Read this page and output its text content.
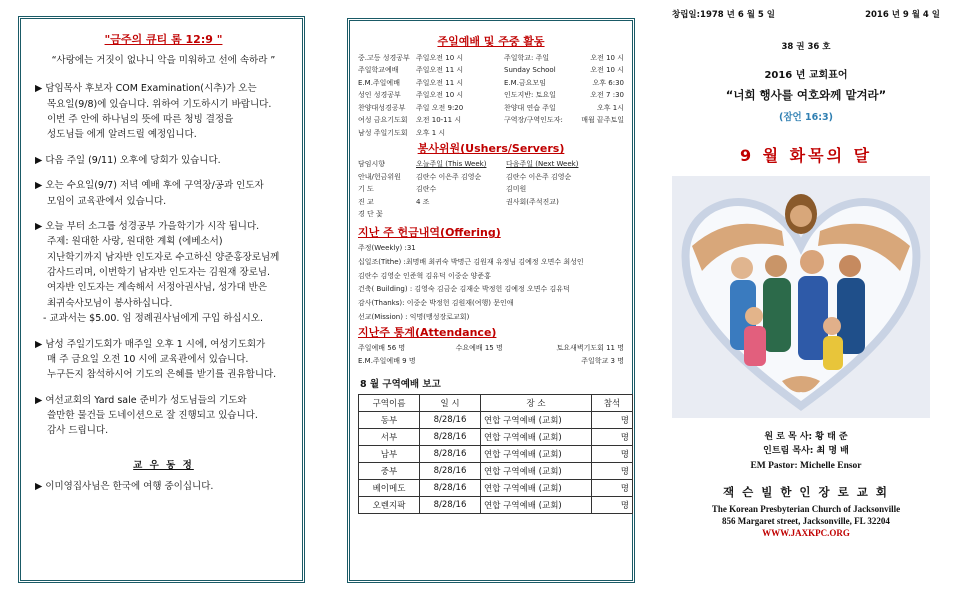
"금주의 큐티 롬 12:9 "
“사랑에는 거짓이 없나니 악을 미워하고 선에 속하라 ”
▶ 담임목사 후보자 COM Examination(시추)가 오는
목요일(9/8)에 있습니다. 위하여 기도하시기 바랍니다.
이번 주 안에 하나님의 뜻에 따른 청빙 결정을
성도님들 에게 알려드릴 예정입니다.
▶ 다음 주일 (9/11) 오후에 당회가 있습니다.
▶ 오는 수요일(9/7) 저녁 예배 후에 구역장/공과 인도자
모임이 교육관에서 있습니다.
▶ 오늘 부터 소그룹 성경공부 가을학기가 시작 됩니다.
주제: 원대한 사랑, 원대한 계획 (에베소서)
지난학기까지 남자반 인도자로 수고하신 양준홍장로님께
감사드리며, 이번학기 남자반 인도자는 김원재 장로님.
여자반 인도자는 계속해서 서정아권사님, 성가대 반은
최귀숙사모님이 봉사하십니다.
- 교과서는 $5.00. 임 정례권사님에게 구입 하십시오.
▶ 남성 주일기도회가 매주일 오후 1 시에, 여성기도회가
매 주 금요일 오전 10 시에 교육관에서 있습니다.
누구든지 참석하시어 기도의 은혜를 받기를 권유합니다.
▶ 여선교회의 Yard sale 준비가 성도님들의 기도와
쓸만한 물건들 도네이션으로 잘 진행되고 있습니다.
감사 드립니다.
교 우 동 정
▶ 이미영집사님은 한국에 여행 중이십니다.
주일예배 및 주중 활동
중.고등 성경공부 주일오전 10 시	주일학교: 주일	오전 10 시
주일학교예배	주일오전 11 시	Sunday School	오전 10 시
E.M.주일예배	주일오전 11 시	E.M.금요모임	오후 6:30
성인 성경공부	주일오전 10 시	인도지반: 토요일	오전 7 :30
찬양대성경공부	주일 오전 9:20	찬양대 연습 주일	오후 1시
여성 금요기도회	오전 10-11 시	구역장/구역인도자:	매월 끝주토일
남성 주일기도회	오후 1 시
봉사위원(Ushers/Servers)
담임시향	오늘주일 (This Week)	다음주일 (Next Week)
안내/헌금위원	김란수 이은주 김영순	김란수 이은주 김영순
기 도	김란수	김미원
진 교	4 조	권사회(주석진교)
경 단 꽃
지난 주 헌금내역(Offering)
주정(Weekly) :31
십일조(Tithe) :최명배 최귀숙 박명근 김원재 유정님 김예정 오면수 최성인
김란수 김영순 인준혁 김유덕 이중순 양준홍
건축( Building) : 김영숙 김금순 김재순 박정헌 김예정 오면수 김유덕
감사(Thanks): 이중순 박정헌 김원재(여행) 문인애
선교(Mission) : 익명(맹성장로교회)
지난주 통계(Attendance)
주일예배 56 명	수요예배 15 명	토요새벽기도회 11 명
E.M.주일예배 9 명	주일학교 3 명
8 월 구역예배 보고
구역이름	일 시	장 소	참석
동부	8/28/16	연합 구역예배 (교회)	명
서부	8/28/16	연합 구역예배 (교회)	명
남부	8/28/16	연합 구역예배 (교회)	명
중부	8/28/16	연합 구역예배 (교회)	명
베이메도	8/28/16	연합 구역예배 (교회)	명
오렌지팍	8/28/16	연합 구역예배 (교회)	명
창립일:1978 년 6 월 5 일	2016 년 9 월 4 일
38 권 36 호
2016 년 교회표어
“너희 행사를 여호와께 맡겨라”
(잠언 16:3)
9 월 화목의 달
원 로 목 사: 황 태 준
인트림 목사: 최 명 배
EM Pastor: Michelle Ensor
잭 슨 빌 한 인 장 로 교 회
The Korean Presbyterian Church of Jacksonville
856 Margaret street, Jacksonville, FL 32204
WWW.JAXKPC.ORG
